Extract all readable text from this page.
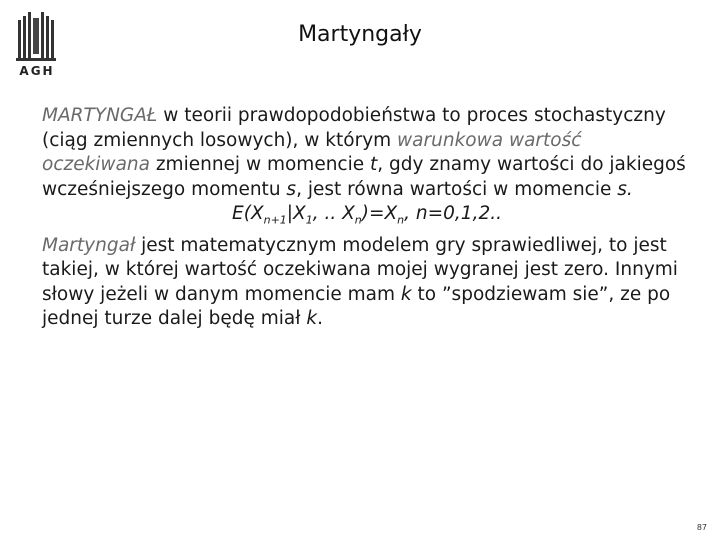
AGH
Martyngały

MARTYNGAŁ w teorii prawdopodobieństwa to proces stochastyczny (ciąg zmiennych losowych), w którym warunkowa wartość oczekiwana zmiennej w momencie t, gdy znamy wartości do jakiegoś wcześniejszego momentu s, jest równa wartości w momencie s.

$E(X_{n+1}|X_1$, .. $X_n)=X_n$, n=0,1,2..

Martyngał jest matematycznym modelem gry sprawiedliwej, to jest takiej, w której wartość oczekiwana mojej wygranej jest zero. Innymi słowy jeżeli w danym momencie mam k to ”spodziewam sie”, ze po jednej turze dalej będę miał k.

87
